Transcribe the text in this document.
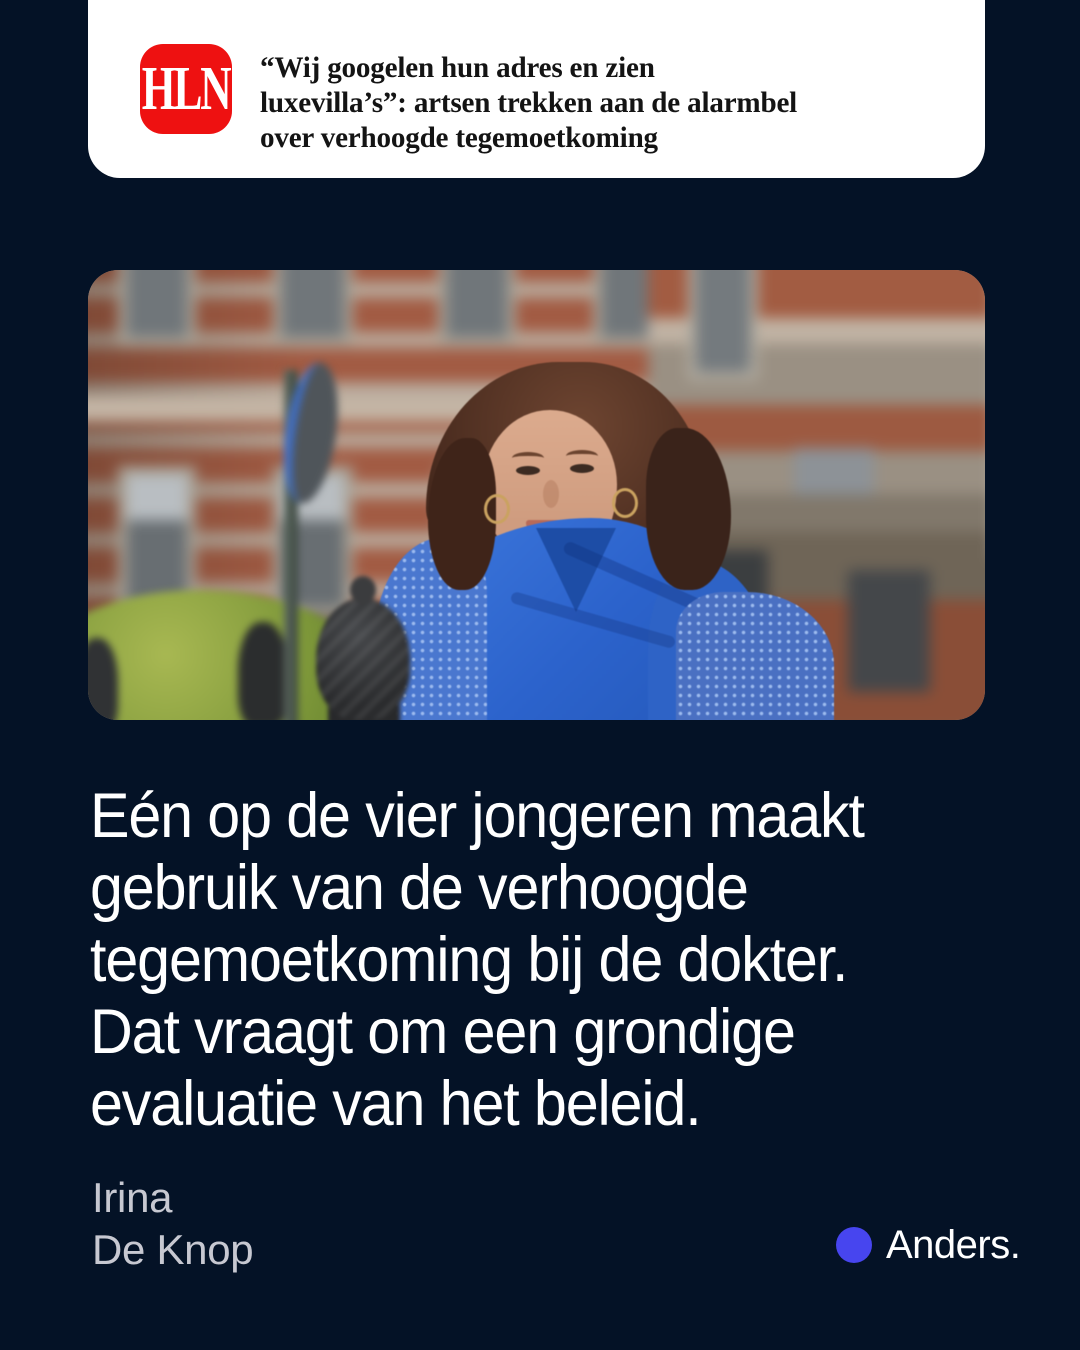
HLN “Wij googelen hun adres en zien
luxevilla’s”: artsen trekken aan de alarmbel
over verhoogde tegemoetkoming
Eén op de vier jongeren maakt
gebruik van de verhoogde
tegemoetkoming bij de dokter.
Dat vraagt om een grondige
evaluatie van het beleid.
Irina
De Knop	Anders.
